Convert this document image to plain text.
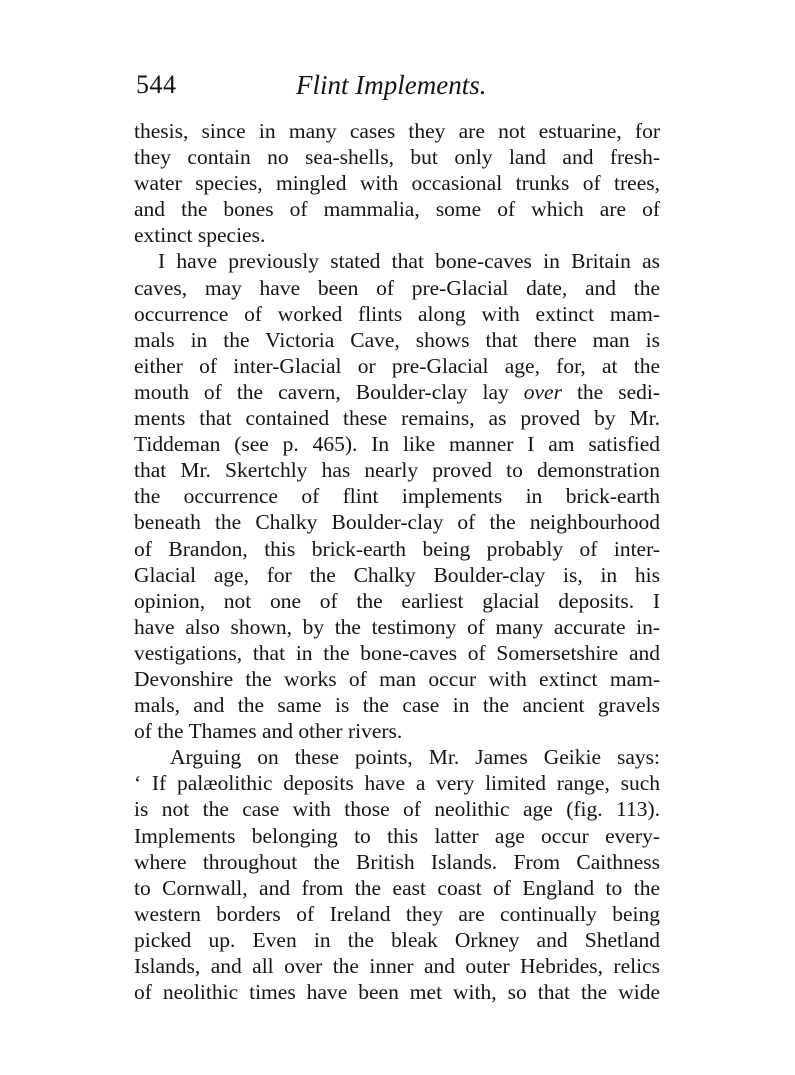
544	Flint Implements.
thesis, since in many cases they are not estuarine, for
they contain no sea-shells, but only land and fresh-
water species, mingled with occasional trunks of trees,
and the bones of mammalia, some of which are of
extinct species.
I have previously stated that bone-caves in Britain as
caves, may have been of pre-Glacial date, and the
occurrence of worked flints along with extinct mam-
mals in the Victoria Cave, shows that there man is
either of inter-Glacial or pre-Glacial age, for, at the
mouth of the cavern, Boulder-clay lay over the sedi-
ments that contained these remains, as proved by Mr.
Tiddeman (see p. 465). In like manner I am satisfied
that Mr. Skertchly has nearly proved to demonstration
the occurrence of flint implements in brick-earth
beneath the Chalky Boulder-clay of the neighbourhood
of Brandon, this brick-earth being probably of inter-
Glacial age, for the Chalky Boulder-clay is, in his
opinion, not one of the earliest glacial deposits. I
have also shown, by the testimony of many accurate in-
vestigations, that in the bone-caves of Somersetshire and
Devonshire the works of man occur with extinct mam-
mals, and the same is the case in the ancient gravels
of the Thames and other rivers.
Arguing on these points, Mr. James Geikie says:
‘ If palæolithic deposits have a very limited range, such
is not the case with those of neolithic age (fig. 113).
Implements belonging to this latter age occur every-
where throughout the British Islands. From Caithness
to Cornwall, and from the east coast of England to the
western borders of Ireland they are continually being
picked up. Even in the bleak Orkney and Shetland
Islands, and all over the inner and outer Hebrides, relics
of neolithic times have been met with, so that the wide
